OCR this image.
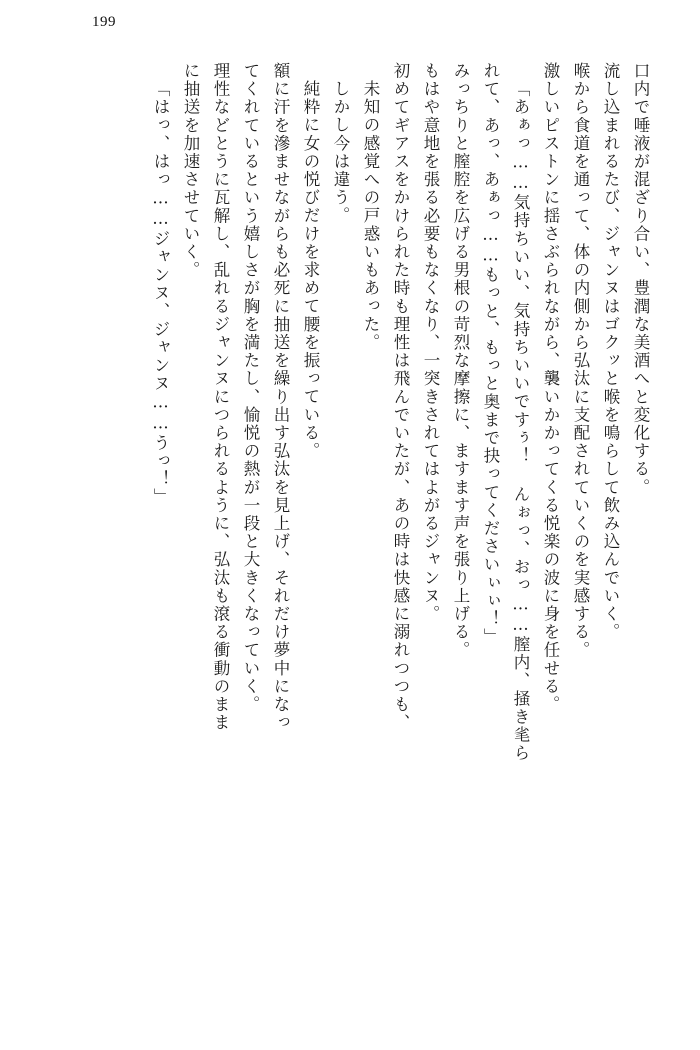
199
口内で唾液が混ざり合い、豊潤な美酒へと変化する。
流し込まれるたび、ジャンヌはゴクッと喉を鳴らして飲み込んでいく。
喉から食道を通って、体の内側から弘汰に支配されていくのを実感する。
激しいピストンに揺さぶられながら、襲いかかってくる悦楽の波に身を任せる。
「あぁっ……気持ちいい、気持ちいいですぅ！ んぉっ、おっ……膣内、掻き毟ら
れて、あっ、あぁっ……もっと、もっと奥まで抉ってくださいぃぃ！」
みっちりと膣腔を広げる男根の苛烈な摩擦に、ますます声を張り上げる。
もはや意地を張る必要もなくなり、一突きされてはよがるジャンヌ。
初めてギアスをかけられた時も理性は飛んでいたが、あの時は快感に溺れつつも、
未知の感覚への戸惑いもあった。
しかし今は違う。
純粋に女の悦びだけを求めて腰を振っている。
額に汗を滲ませながらも必死に抽送を繰り出す弘汰を見上げ、それだけ夢中になっ
てくれているという嬉しさが胸を満たし、愉悦の熱が一段と大きくなっていく。
理性などとうに瓦解し、乱れるジャンヌにつられるように、弘汰も滾る衝動のまま
に抽送を加速させていく。
「はっ、はっ……ジャンヌ、ジャンヌ……うっ！」
